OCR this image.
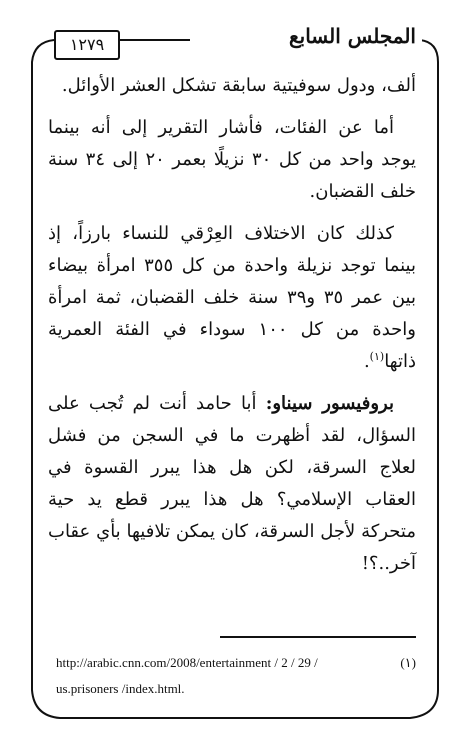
المجلس السابع
١٢٧٩

ألف، ودول سوفيتية سابقة تشكل العشر الأوائل.

أما عن الفئات، فأشار التقرير إلى أنه بينما يوجد واحد من كل ٣٠ نزيلًا بعمر ٢٠ إلى ٣٤ سنة خلف القضبان.

كذلك كان الاختلاف العِرْقي للنساء بارزاً، إذ بينما توجد نزيلة واحدة من كل ٣٥٥ امرأة بيضاء بين عمر ٣٥ و٣٩ سنة خلف القضبان، ثمة امرأة واحدة من كل ١٠٠ سوداء في الفئة العمرية ذاتها$^{(١)}$.

بروفيسور سيناو: أبا حامد أنت لم تُجب على السؤال، لقد أظهرت ما في السجن من فشل لعلاج السرقة، لكن هل هذا يبرر القسوة في العقاب الإسلامي؟ هل هذا يبرر قطع يد حية متحركة لأجل السرقة، كان يمكن تلافيها بأي عقاب آخر..؟!

http://arabic.cnn.com/2008/entertainment / 2 / 29 /	(١)
us.prisoners /index.html.
